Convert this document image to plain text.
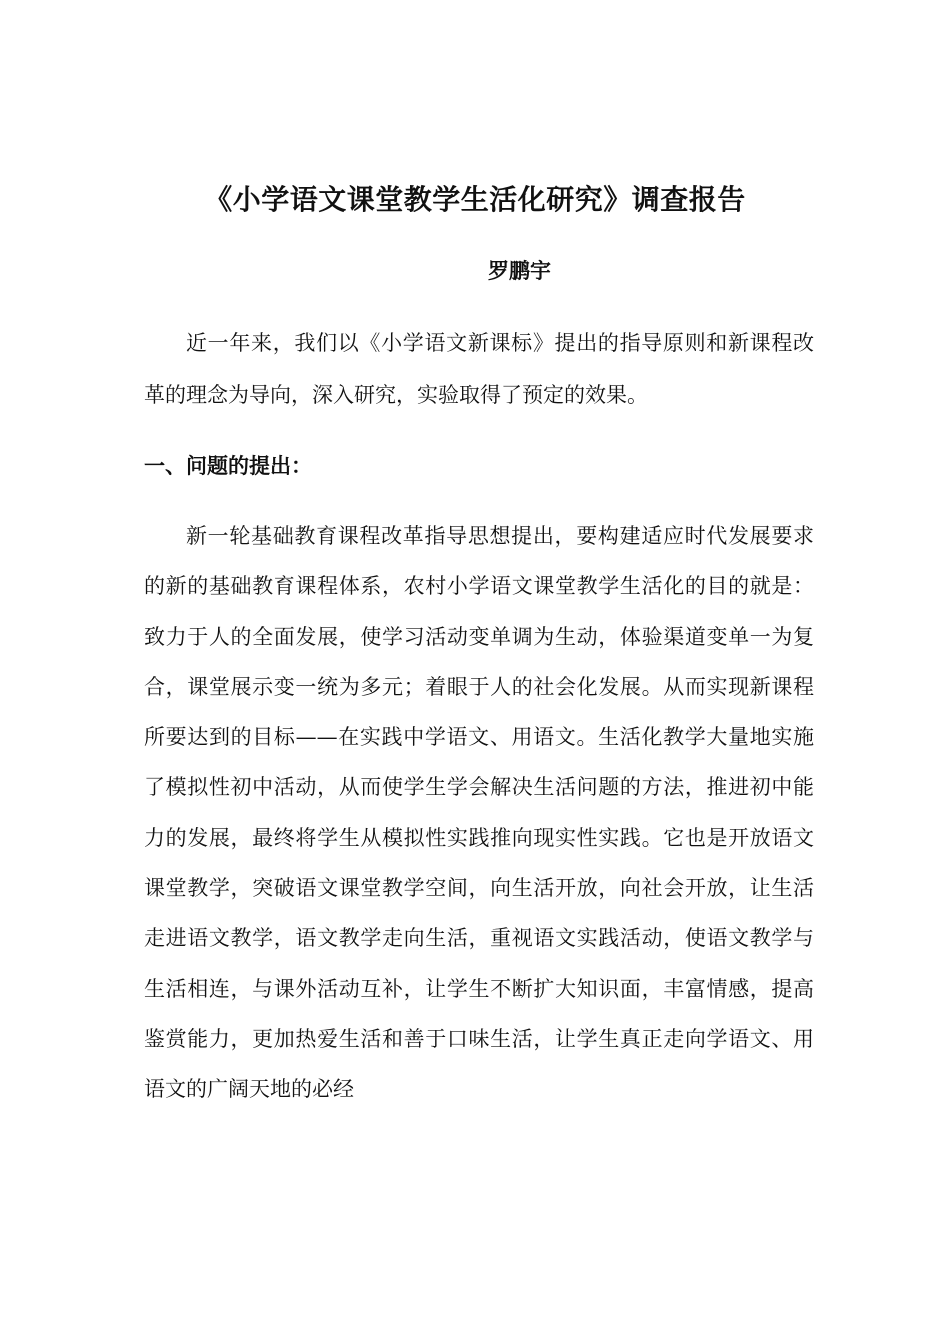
《小学语文课堂教学生活化研究》调查报告
罗鹏宇

近一年来，我们以《小学语文新课标》提出的指导原则和新课程改革的理念为导向，深入研究，实验取得了预定的效果。

一、问题的提出：

新一轮基础教育课程改革指导思想提出，要构建适应时代发展要求的新的基础教育课程体系，农村小学语文课堂教学生活化的目的就是：致力于人的全面发展，使学习活动变单调为生动，体验渠道变单一为复合，课堂展示变一统为多元；着眼于人的社会化发展。从而实现新课程所要达到的目标——在实践中学语文、用语文。生活化教学大量地实施了模拟性初中活动，从而使学生学会解决生活问题的方法，推进初中能力的发展，最终将学生从模拟性实践推向现实性实践。它也是开放语文课堂教学，突破语文课堂教学空间，向生活开放，向社会开放，让生活走进语文教学，语文教学走向生活，重视语文实践活动，使语文教学与生活相连，与课外活动互补，让学生不断扩大知识面，丰富情感，提高鉴赏能力，更加热爱生活和善于口味生活，让学生真正走向学语文、用语文的广阔天地的必经
